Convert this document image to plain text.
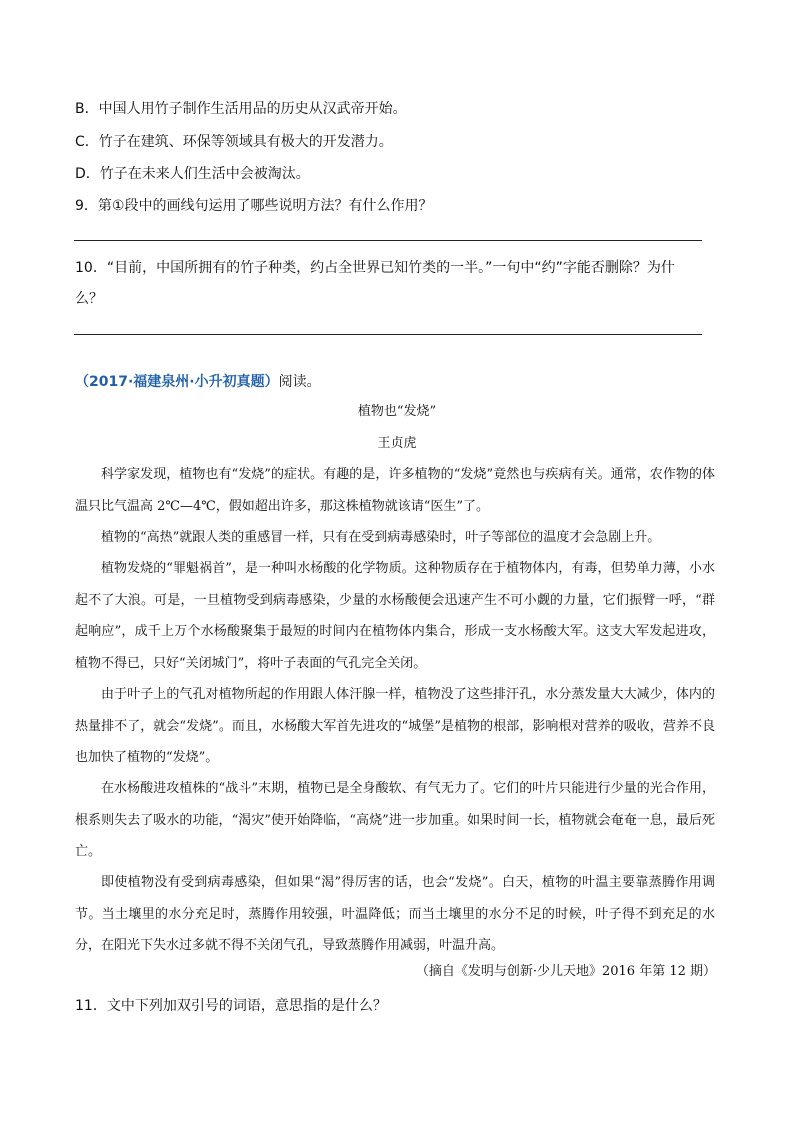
B．中国人用竹子制作生活用品的历史从汉武帝开始。
C．竹子在建筑、环保等领域具有极大的开发潜力。
D．竹子在未来人们生活中会被淘汰。
9．第①段中的画线句运用了哪些说明方法？有什么作用？
10．“目前，中国所拥有的竹子种类，约占全世界已知竹类的一半。”一句中“约”字能否删除？为什
么？
（2017·福建泉州·小升初真题）阅读。
植物也“发烧”
王贞虎
科学家发现，植物也有“发烧”的症状。有趣的是，许多植物的“发烧”竟然也与疾病有关。通常，农作物的体温只比气温高 2℃—4℃，假如超出许多，那这株植物就该请“医生”了。
植物的“高热”就跟人类的重感冒一样，只有在受到病毒感染时，叶子等部位的温度才会急剧上升。
植物发烧的“罪魁祸首”，是一种叫水杨酸的化学物质。这种物质存在于植物体内，有毒，但势单力薄，小水起不了大浪。可是，一旦植物受到病毒感染，少量的水杨酸便会迅速产生不可小觑的力量，它们振臂一呼，“群起响应”，成千上万个水杨酸聚集于最短的时间内在植物体内集合，形成一支水杨酸大军。这支大军发起进攻，植物不得已，只好“关闭城门”，将叶子表面的气孔完全关闭。
由于叶子上的气孔对植物所起的作用跟人体汗腺一样，植物没了这些排汗孔，水分蒸发量大大减少，体内的热量排不了，就会“发烧”。而且，水杨酸大军首先进攻的“城堡”是植物的根部，影响根对营养的吸收，营养不良也加快了植物的“发烧”。
在水杨酸进攻植株的“战斗”末期，植物已是全身酸软、有气无力了。它们的叶片只能进行少量的光合作用，根系则失去了吸水的功能，“渴灾”使开始降临，“高烧”进一步加重。如果时间一长，植物就会奄奄一息，最后死亡。
即使植物没有受到病毒感染，但如果“渴”得厉害的话，也会“发烧”。白天，植物的叶温主要靠蒸腾作用调节。当土壤里的水分充足时，蒸腾作用较强，叶温降低；而当土壤里的水分不足的时候，叶子得不到充足的水分，在阳光下失水过多就不得不关闭气孔，导致蒸腾作用减弱，叶温升高。
（摘自《发明与创新·少儿天地》2016 年第 12 期）
11．文中下列加双引号的词语，意思指的是什么？
